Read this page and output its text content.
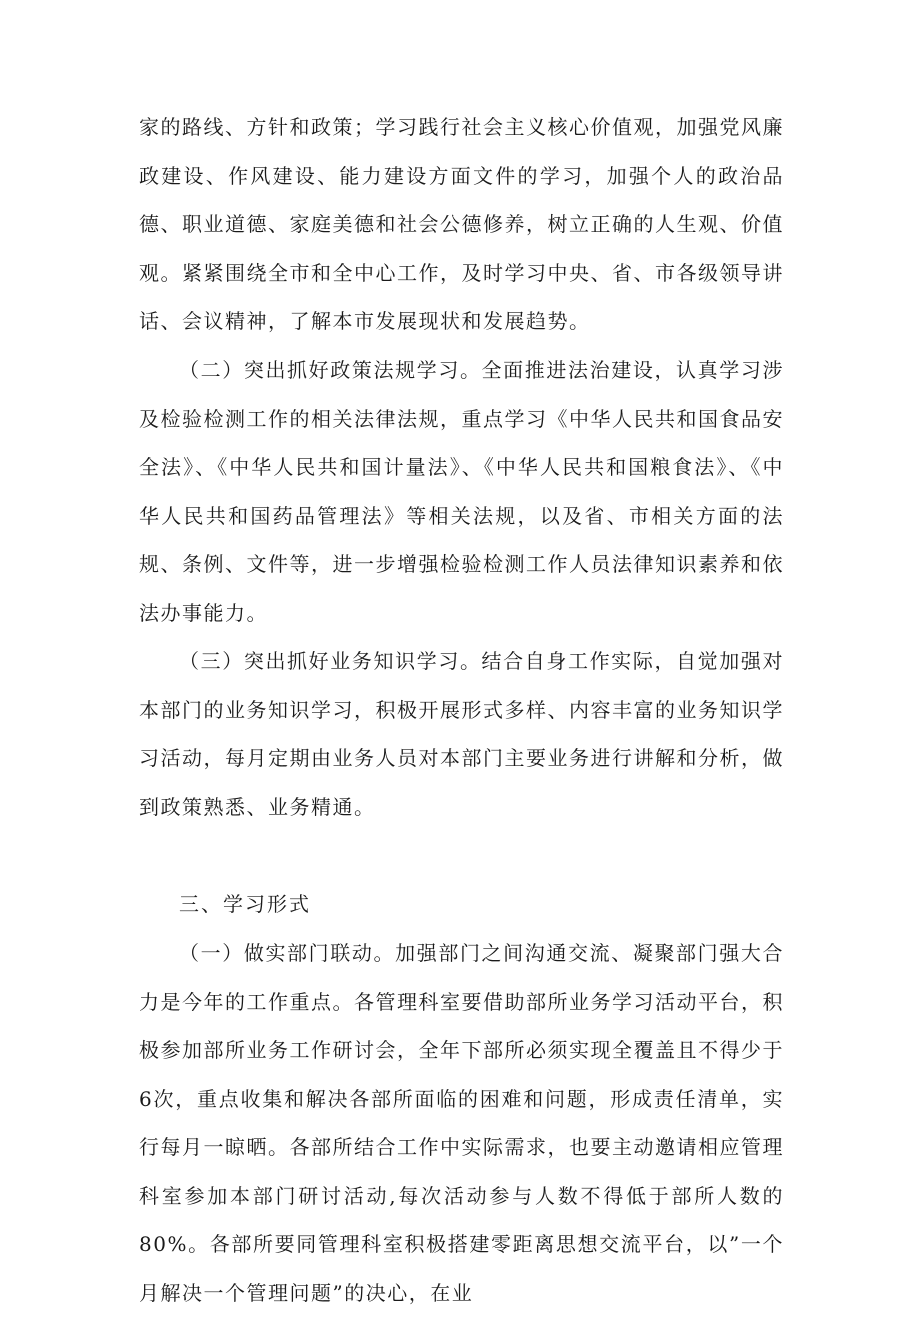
家的路线、方针和政策；学习践行社会主义核心价值观，加强党风廉政建设、作风建设、能力建设方面文件的学习，加强个人的政治品德、职业道德、家庭美德和社会公德修养，树立正确的人生观、价值观。紧紧围绕全市和全中心工作，及时学习中央、省、市各级领导讲话、会议精神，了解本市发展现状和发展趋势。

（二）突出抓好政策法规学习。全面推进法治建设，认真学习涉及检验检测工作的相关法律法规，重点学习《中华人民共和国食品安全法》、《中华人民共和国计量法》、《中华人民共和国粮食法》、《中华人民共和国药品管理法》等相关法规，以及省、市相关方面的法规、条例、文件等，进一步增强检验检测工作人员法律知识素养和依法办事能力。

（三）突出抓好业务知识学习。结合自身工作实际，自觉加强对本部门的业务知识学习，积极开展形式多样、内容丰富的业务知识学习活动，每月定期由业务人员对本部门主要业务进行讲解和分析，做到政策熟悉、业务精通。

三、学习形式

（一）做实部门联动。加强部门之间沟通交流、凝聚部门强大合力是今年的工作重点。各管理科室要借助部所业务学习活动平台，积极参加部所业务工作研讨会，全年下部所必须实现全覆盖且不得少于6次，重点收集和解决各部所面临的困难和问题，形成责任清单，实行每月一晾晒。各部所结合工作中实际需求，也要主动邀请相应管理科室参加本部门研讨活动,每次活动参与人数不得低于部所人数的80%。各部所要同管理科室积极搭建零距离思想交流平台，以”一个月解决一个管理问题”的决心，在业
